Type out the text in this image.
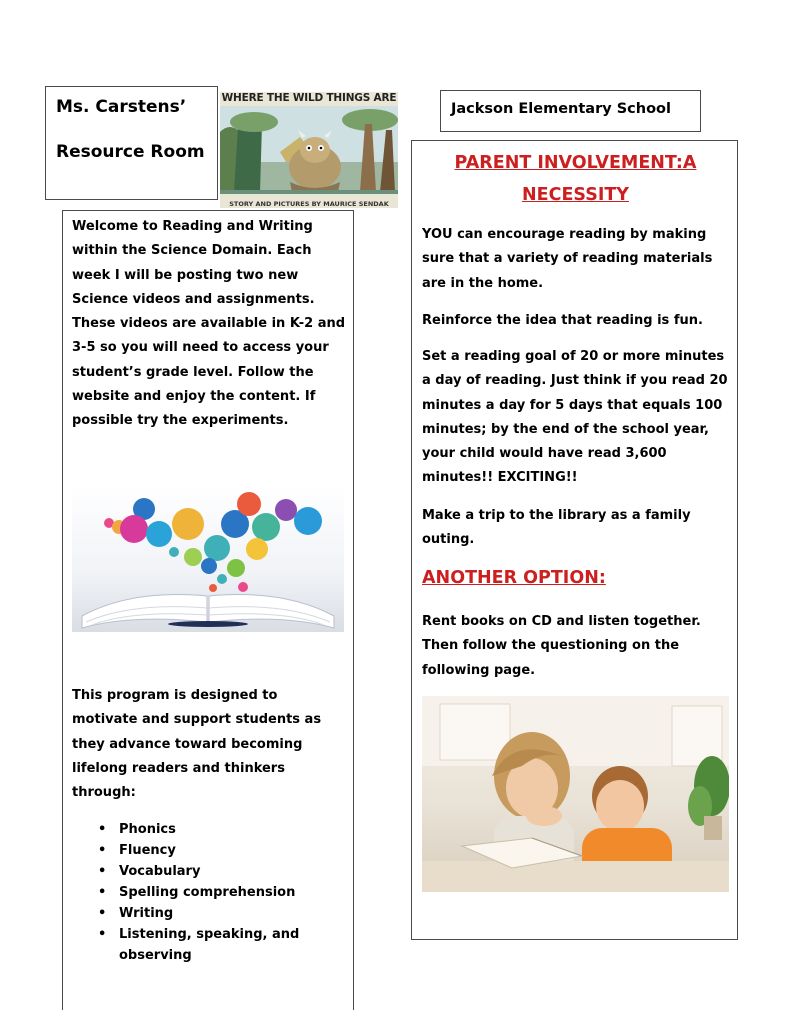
Ms. Carstens’
Resource Room
WHERE THE WILD THINGS ARE
STORY AND PICTURES BY MAURICE SENDAK
Jackson Elementary School
Welcome to Reading and Writing within the Science Domain. Each week I will be posting two new Science videos and assignments. These videos are available in K-2 and 3-5 so you will need to access your student’s grade level. Follow the website and enjoy the content. If possible try the experiments.
This program is designed to motivate and support students as they advance toward becoming lifelong readers and thinkers through:
• Phonics
• Fluency
• Vocabulary
• Spelling comprehension
• Writing
• Listening, speaking, and observing
PARENT INVOLVEMENT:A NECESSITY
YOU can encourage reading by making sure that a variety of reading materials are in the home.
Reinforce the idea that reading is fun.
Set a reading goal of 20 or more minutes a day of reading. Just think if you read 20 minutes a day for 5 days that equals 100 minutes; by the end of the school year, your child would have read 3,600 minutes!! EXCITING!!
Make a trip to the library as a family outing.
ANOTHER OPTION:
Rent books on CD and listen together. Then follow the questioning on the following page.
